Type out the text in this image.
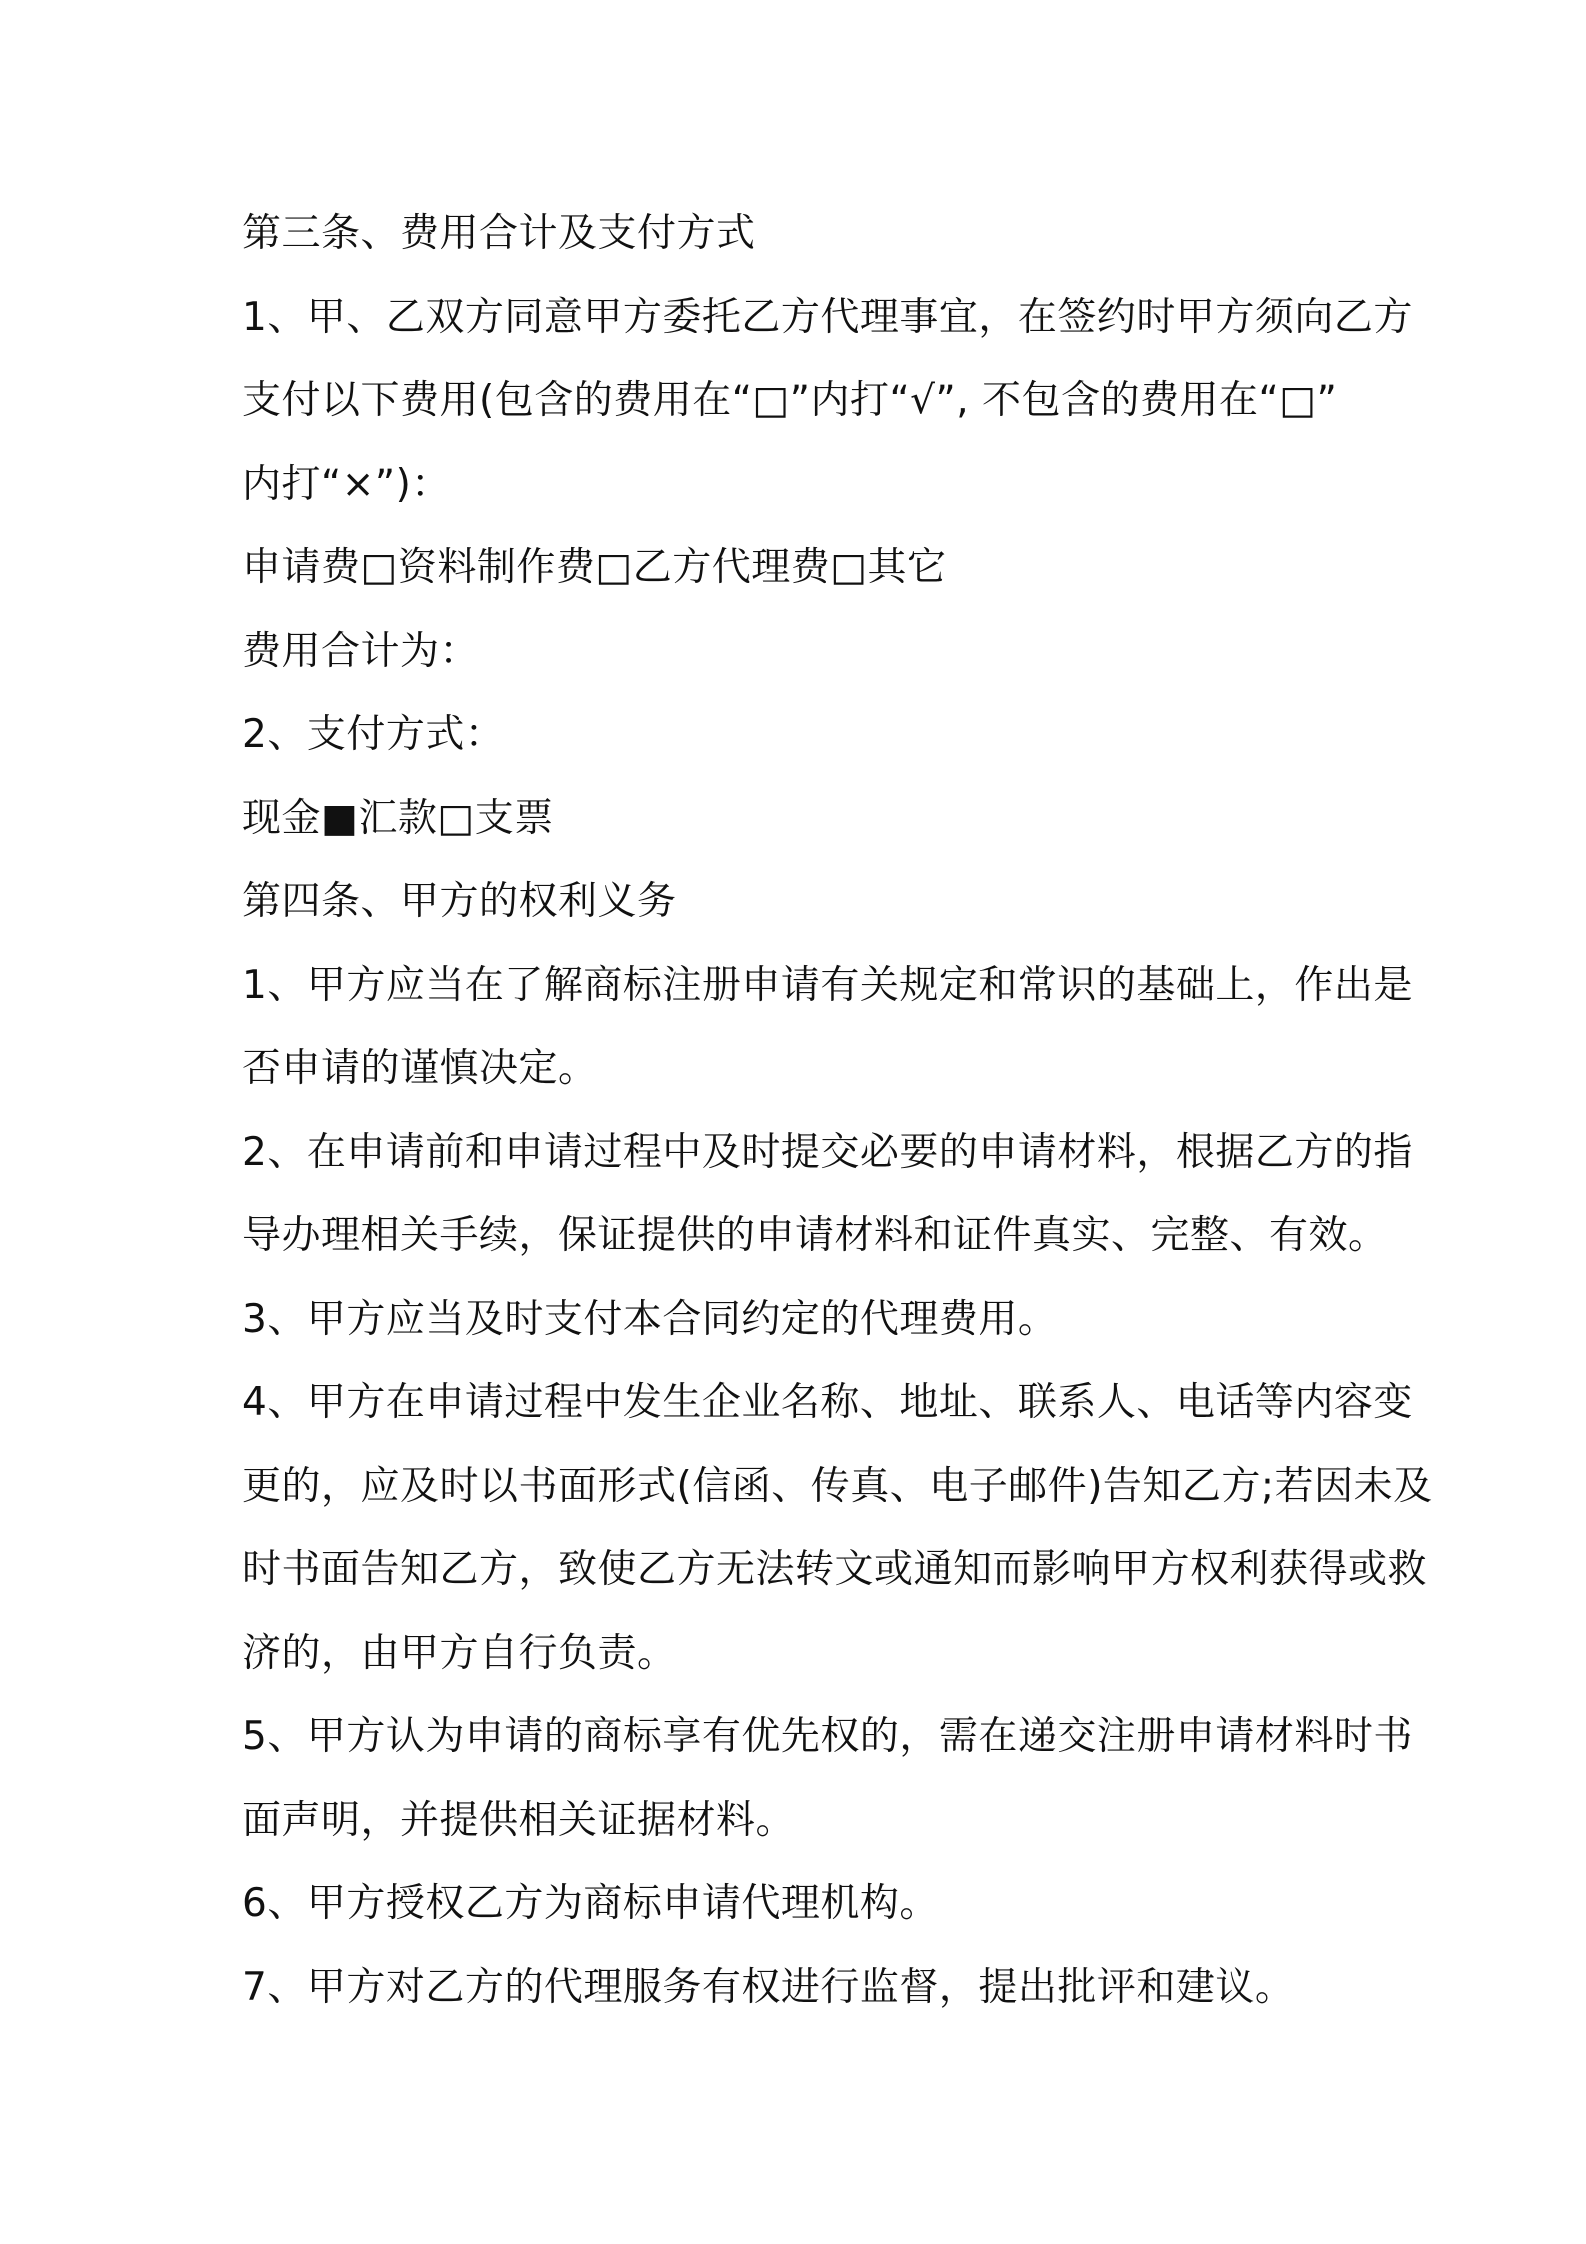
第三条、费用合计及支付方式
1、甲、乙双方同意甲方委托乙方代理事宜，在签约时甲方须向乙方
支付以下费用(包含的费用在“□”内打“√”, 不包含的费用在“□”
内打“×”)：
申请费□资料制作费□乙方代理费□其它
费用合计为：
2、支付方式：
现金■汇款□支票
第四条、甲方的权利义务
1、甲方应当在了解商标注册申请有关规定和常识的基础上，作出是
否申请的谨慎决定。
2、在申请前和申请过程中及时提交必要的申请材料，根据乙方的指
导办理相关手续，保证提供的申请材料和证件真实、完整、有效。
3、甲方应当及时支付本合同约定的代理费用。
4、甲方在申请过程中发生企业名称、地址、联系人、电话等内容变
更的，应及时以书面形式(信函、传真、电子邮件)告知乙方;若因未及
时书面告知乙方，致使乙方无法转文或通知而影响甲方权利获得或救
济的，由甲方自行负责。
5、甲方认为申请的商标享有优先权的，需在递交注册申请材料时书
面声明，并提供相关证据材料。
6、甲方授权乙方为商标申请代理机构。
7、甲方对乙方的代理服务有权进行监督，提出批评和建议。
